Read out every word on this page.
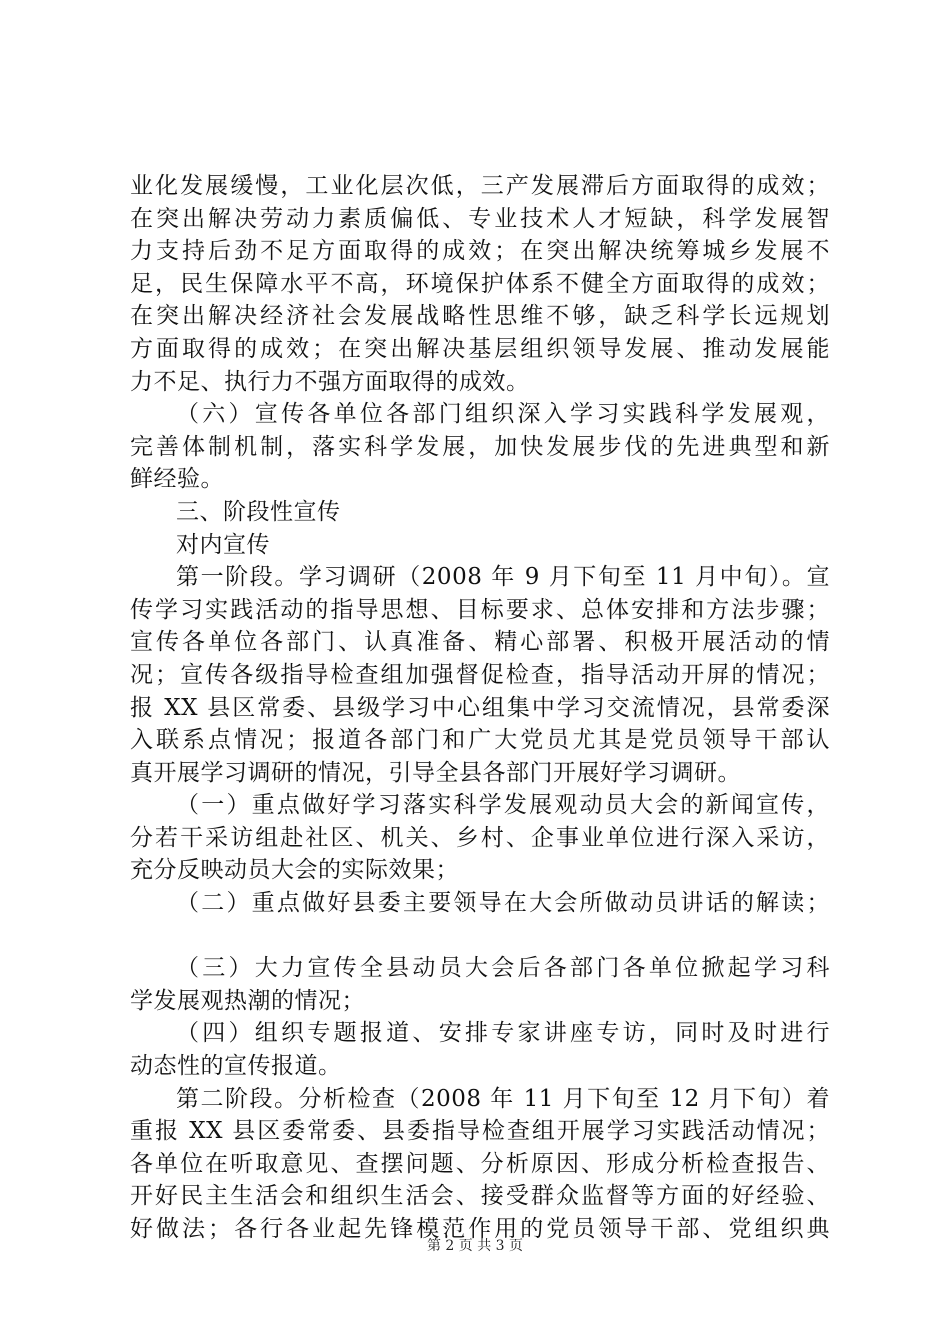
业化发展缓慢，工业化层次低，三产发展滞后方面取得的成效；
在突出解决劳动力素质偏低、专业技术人才短缺，科学发展智
力支持后劲不足方面取得的成效；在突出解决统筹城乡发展不
足，民生保障水平不高，环境保护体系不健全方面取得的成效；
在突出解决经济社会发展战略性思维不够，缺乏科学长远规划
方面取得的成效；在突出解决基层组织领导发展、推动发展能
力不足、执行力不强方面取得的成效。
（六）宣传各单位各部门组织深入学习实践科学发展观，
完善体制机制，落实科学发展，加快发展步伐的先进典型和新
鲜经验。
三、阶段性宣传
对内宣传
第一阶段。学习调研（2008 年 9 月下旬至 11 月中旬）。宣
传学习实践活动的指导思想、目标要求、总体安排和方法步骤；
宣传各单位各部门、认真准备、精心部署、积极开展活动的情
况；宣传各级指导检查组加强督促检查，指导活动开屏的情况；
报 XX 县区常委、县级学习中心组集中学习交流情况，县常委深
入联系点情况；报道各部门和广大党员尤其是党员领导干部认
真开展学习调研的情况，引导全县各部门开展好学习调研。
（一）重点做好学习落实科学发展观动员大会的新闻宣传，
分若干采访组赴社区、机关、乡村、企事业单位进行深入采访，
充分反映动员大会的实际效果；
（二）重点做好县委主要领导在大会所做动员讲话的解读；
（三）大力宣传全县动员大会后各部门各单位掀起学习科
学发展观热潮的情况；
（四）组织专题报道、安排专家讲座专访，同时及时进行
动态性的宣传报道。
第二阶段。分析检查（2008 年 11 月下旬至 12 月下旬）着
重报 XX 县区委常委、县委指导检查组开展学习实践活动情况；
各单位在听取意见、查摆问题、分析原因、形成分析检查报告、
开好民主生活会和组织生活会、接受群众监督等方面的好经验、
好做法；各行各业起先锋模范作用的党员领导干部、党组织典
第 2 页 共 3 页
